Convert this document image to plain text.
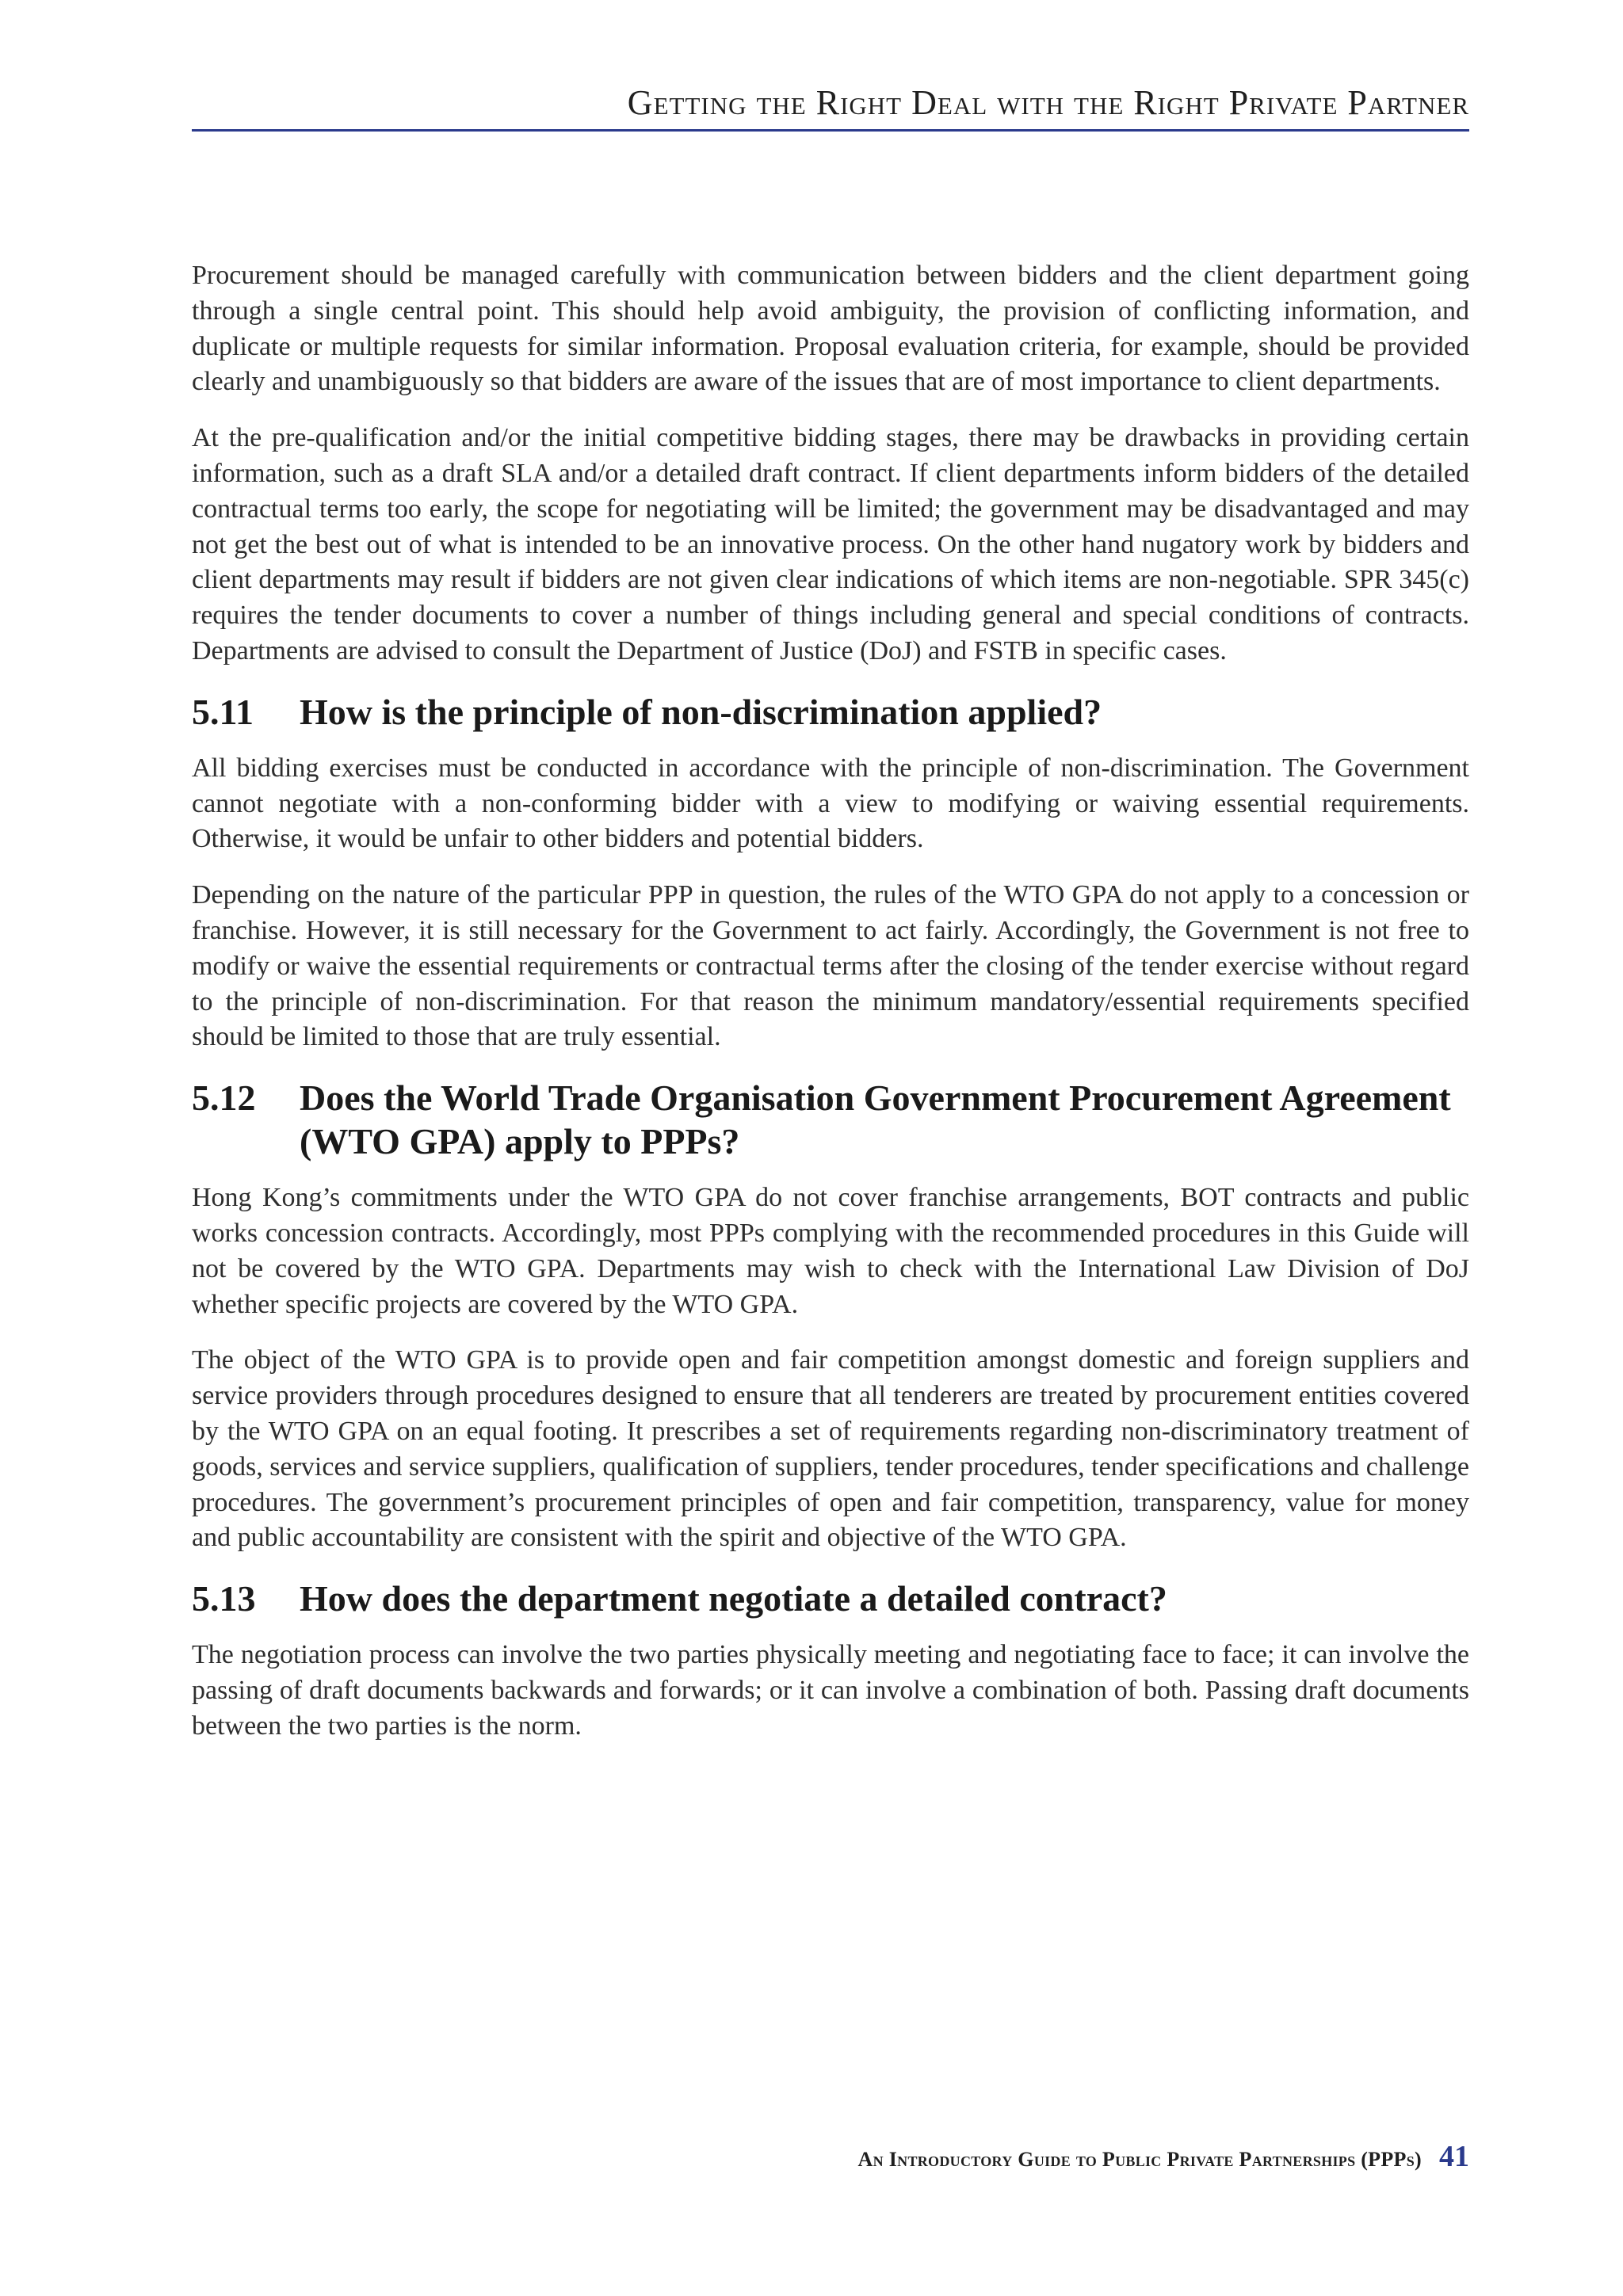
Getting the Right Deal with the Right Private Partner

Procurement should be managed carefully with communication between bidders and the client department going through a single central point. This should help avoid ambiguity, the provision of conflicting information, and duplicate or multiple requests for similar information. Proposal evaluation criteria, for example, should be provided clearly and unambiguously so that bidders are aware of the issues that are of most importance to client departments.

At the pre-qualification and/or the initial competitive bidding stages, there may be drawbacks in providing certain information, such as a draft SLA and/or a detailed draft contract. If client departments inform bidders of the detailed contractual terms too early, the scope for negotiating will be limited; the government may be disadvantaged and may not get the best out of what is intended to be an innovative process. On the other hand nugatory work by bidders and client departments may result if bidders are not given clear indications of which items are non-negotiable. SPR 345(c) requires the tender documents to cover a number of things including general and special conditions of contracts. Departments are advised to consult the Department of Justice (DoJ) and FSTB in specific cases.

5.11	How is the principle of non-discrimination applied?

All bidding exercises must be conducted in accordance with the principle of non-discrimination. The Government cannot negotiate with a non-conforming bidder with a view to modifying or waiving essential requirements. Otherwise, it would be unfair to other bidders and potential bidders.

Depending on the nature of the particular PPP in question, the rules of the WTO GPA do not apply to a concession or franchise. However, it is still necessary for the Government to act fairly. Accordingly, the Government is not free to modify or waive the essential requirements or contractual terms after the closing of the tender exercise without regard to the principle of non-discrimination. For that reason the minimum mandatory/essential requirements specified should be limited to those that are truly essential.

5.12	Does the World Trade Organisation Government Procurement Agreement (WTO GPA) apply to PPPs?

Hong Kong’s commitments under the WTO GPA do not cover franchise arrangements, BOT contracts and public works concession contracts. Accordingly, most PPPs complying with the recommended procedures in this Guide will not be covered by the WTO GPA. Departments may wish to check with the International Law Division of DoJ whether specific projects are covered by the WTO GPA.

The object of the WTO GPA is to provide open and fair competition amongst domestic and foreign suppliers and service providers through procedures designed to ensure that all tenderers are treated by procurement entities covered by the WTO GPA on an equal footing. It prescribes a set of requirements regarding non-discriminatory treatment of goods, services and service suppliers, qualification of suppliers, tender procedures, tender specifications and challenge procedures. The government’s procurement principles of open and fair competition, transparency, value for money and public accountability are consistent with the spirit and objective of the WTO GPA.

5.13	How does the department negotiate a detailed contract?

The negotiation process can involve the two parties physically meeting and negotiating face to face; it can involve the passing of draft documents backwards and forwards; or it can involve a combination of both. Passing draft documents between the two parties is the norm.

An Introductory Guide to Public Private Partnerships (PPPs) 41
